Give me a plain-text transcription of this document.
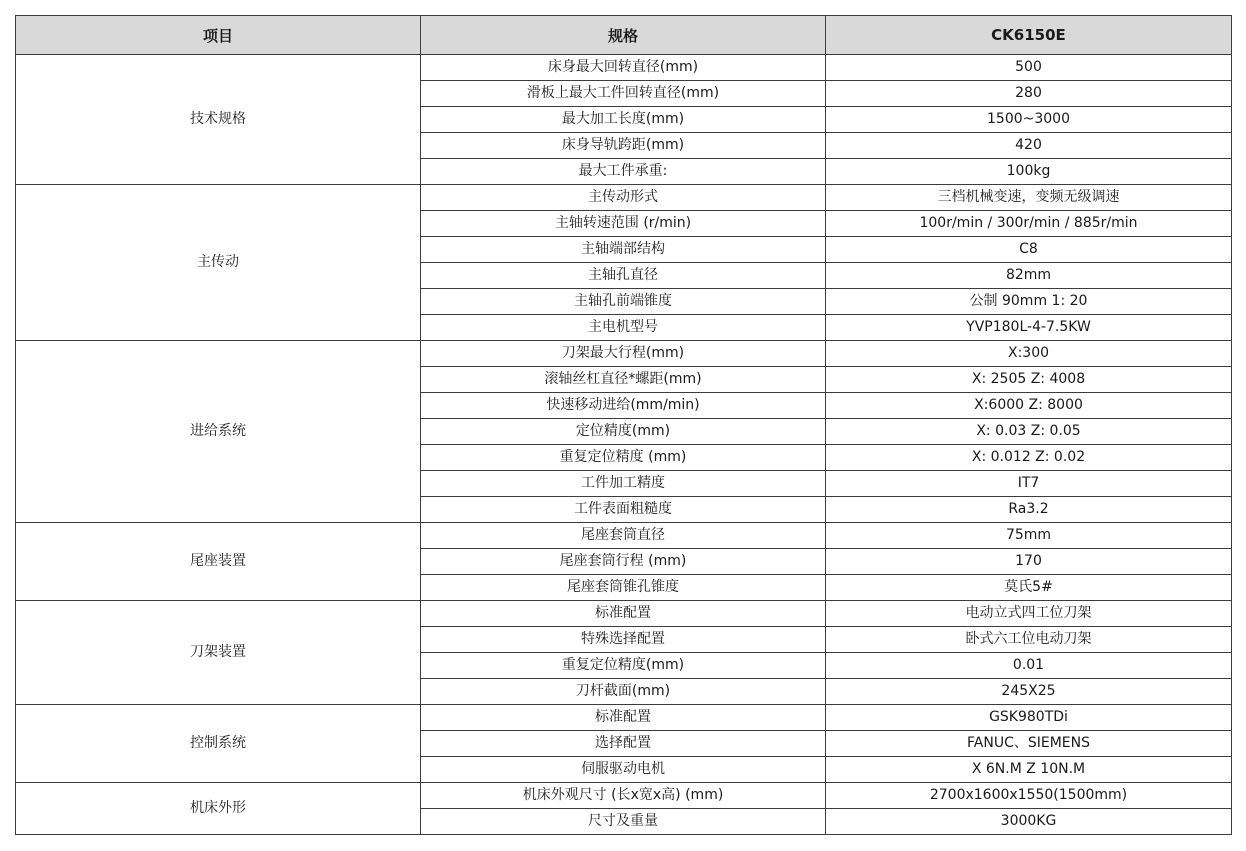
项目	规格	CK6150E
技术规格	床身最大回转直径(mm)	500
	滑板上最大工件回转直径(mm)	280
	最大加工长度(mm)	1500~3000
	床身导轨跨距(mm)	420
	最大工件承重:	100kg
主传动	主传动形式	三档机械变速，变频无级调速
	主轴转速范围 (r/min)	100r/min / 300r/min / 885r/min
	主轴端部结构	C8
	主轴孔直径	82mm
	主轴孔前端锥度	公制 90mm 1: 20
	主电机型号	YVP180L-4-7.5KW
进给系统	刀架最大行程(mm)	X:300
	滚轴丝杠直径*螺距(mm)	X: 2505 Z: 4008
	快速移动进给(mm/min)	X:6000 Z: 8000
	定位精度(mm)	X: 0.03 Z: 0.05
	重复定位精度 (mm)	X: 0.012 Z: 0.02
	工件加工精度	IT7
	工件表面粗糙度	Ra3.2
尾座装置	尾座套筒直径	75mm
	尾座套筒行程 (mm)	170
	尾座套筒锥孔锥度	莫氏5#
刀架装置	标准配置	电动立式四工位刀架
	特殊选择配置	卧式六工位电动刀架
	重复定位精度(mm)	0.01
	刀杆截面(mm)	245X25
控制系统	标准配置	GSK980TDi
	选择配置	FANUC、SIEMENS
	伺服驱动电机	X 6N.M Z 10N.M
机床外形	机床外观尺寸 (长x宽x高) (mm)	2700x1600x1550(1500mm)
	尺寸及重量	3000KG
